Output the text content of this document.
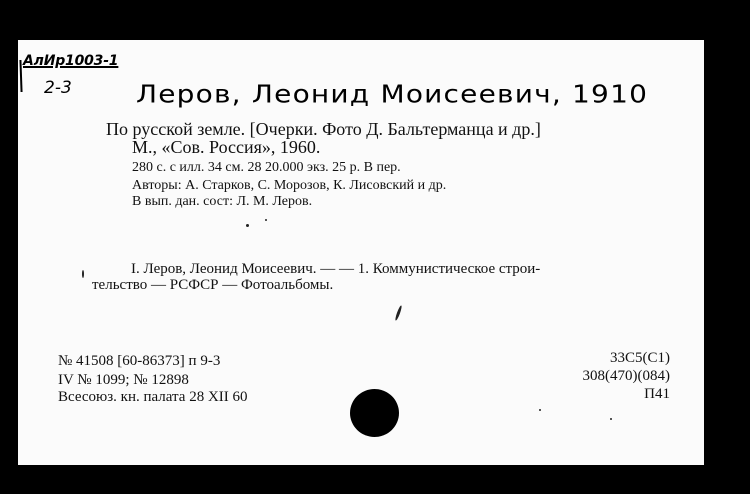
АлИр1003-1
2-3 Леров, Леонид Моисеевич, 1910
По русской земле. [Очерки. Фото Д. Бальтерманца и др.]
М., «Сов. Россия», 1960.
280 с. с илл. 34 см. 28 20.000 экз. 25 р. В пер.
Авторы: А. Старков, С. Морозов, К. Лисовский и др.
В вып. дан. сост: Л. М. Леров.
I. Леров, Леонид Моисеевич. — — 1. Коммунистическое строи-
тельство — РСФСР — Фотоальбомы.
№ 41508 [60-86373] п 9-3
IV № 1099; № 12898
Всесоюз. кн. палата 28 XII 60
33С5(С1)
308(470)(084)
П41
